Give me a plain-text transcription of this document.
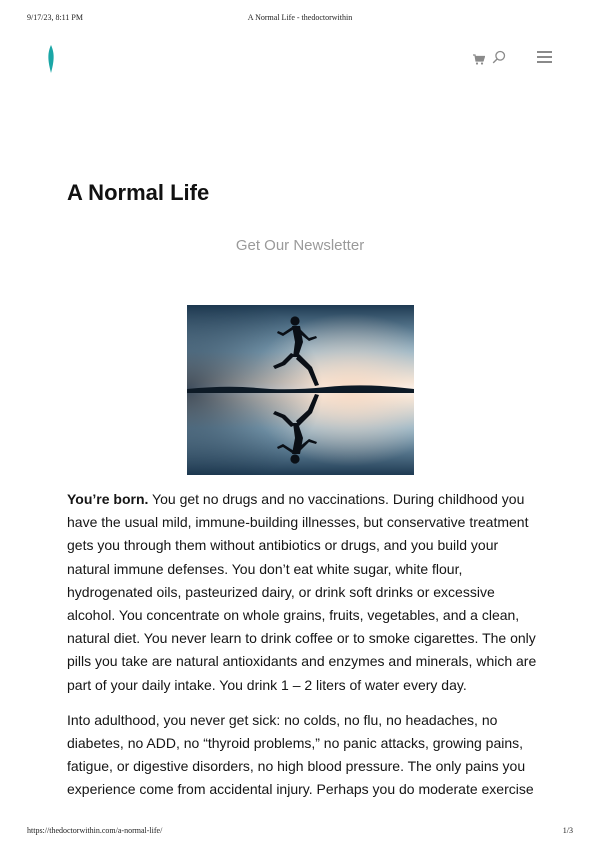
9/17/23, 8:11 PM	A Normal Life - thedoctorwithin
A Normal Life
Get Our Newsletter

You’re born. You get no drugs and no vaccinations. During childhood you have the usual mild, immune-building illnesses, but conservative treatment gets you through them without antibiotics or drugs, and you build your natural immune defenses. You don’t eat white sugar, white flour, hydrogenated oils, pasteurized dairy, or drink soft drinks or excessive alcohol. You concentrate on whole grains, fruits, vegetables, and a clean, natural diet. You never learn to drink coffee or to smoke cigarettes. The only pills you take are natural antioxidants and enzymes and minerals, which are part of your daily intake. You drink 1 – 2 liters of water every day.

Into adulthood, you never get sick: no colds, no flu, no headaches, no diabetes, no ADD, no “thyroid problems,” no panic attacks, growing pains, fatigue, or digestive disorders, no high blood pressure. The only pains you experience come from accidental injury. Perhaps you do moderate exercise

https://thedoctorwithin.com/a-normal-life/	1/3
